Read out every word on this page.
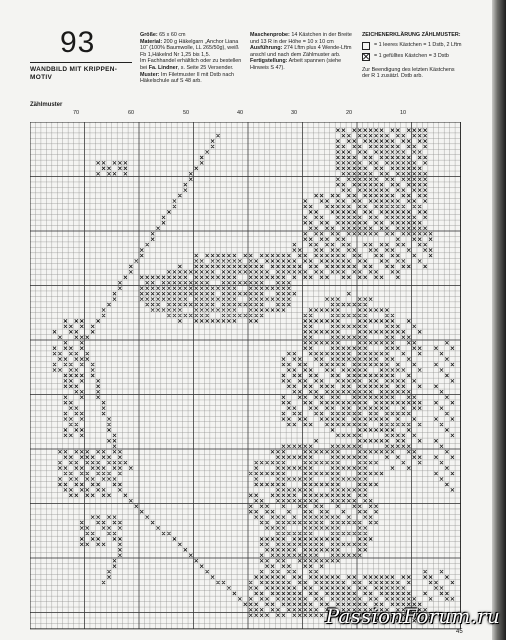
93
WANDBILD MIT KRIPPEN-MOTIV

Größe: 65 x 60 cm

Material: 200 g Häkelgarn „Anchor Liana 10“ (100% Baumwolle, LL 265/50g), weiß Fb 1,Häkelnd Nr 1,25 bis 1,5.

Im Fachhandel erhältlich oder zu bestellen bei Fa. Lindner, s. Seite 25 Versender.

Muster: Im Filetmuster II mit Dstb nach Häkelschule auf S 48 arb.

Maschenprobe: 14 Kästchen in der Breite und 13 R in der Höhe = 10 x 10 cm

Ausführung: 274 Lftm plus 4 Wende-Lftm anschl und nach dem Zählmuster arb.

Fertigstellung: Arbeit spannen (siehe Hinweis S 47).

ZEICHENERKLÄRUNG ZÄHLMUSTER:
= 1 leeres Kästchen = 1 Dstb, 2 Lftm
= 1 gefülltes Kästchen = 3 Dstb

Zur Beendigung des letzten Kästchens der R 1 zusätzl. Dstb arb.

Zählmuster
70	60	50	40	30	20	10
45
PassionForum.ru
